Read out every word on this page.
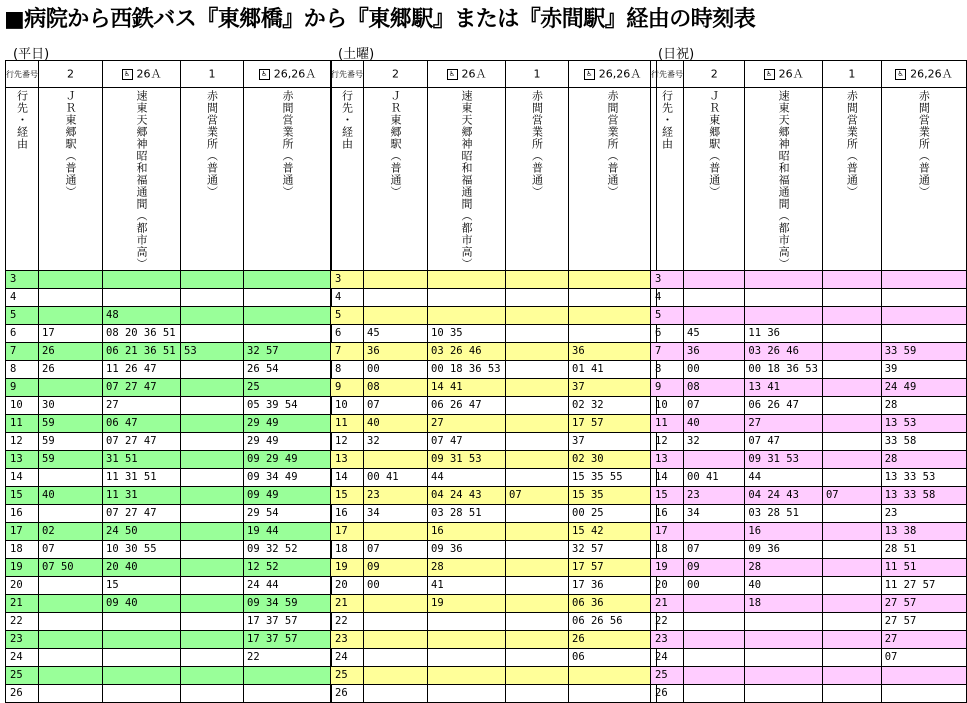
■病院から西鉄バス『東郷橋』から『東郷駅』または『赤間駅』経由の時刻表
(平日)
行先番号	2	♿ 26Ａ	1	♿ 26,26Ａ

行先・経由	ＪＲ東郷駅（普通）	速東天郷神昭和福通間（都市高）	赤間営業所（普通）	赤間営業所（普通）

3				
4				
5		48		
6	17	08 20 36 51		
7	26	06 21 36 51	53	32 57
8	26	11 26 47		26 54
9		07 27 47		25
10	30	27		05 39 54
11	59	06 47		29 49
12	59	07 27 47		29 49
13	59	31 51		09 29 49
14		11 31 51		09 34 49
15	40	11 31		09 49
16		07 27 47		29 54
17	02	24 50		19 44
18	07	10 30 55		09 32 52
19	07 50	20 40		12 52
20		15		24 44
21		09 40		09 34 59
22				17 37 57
23				17 37 57
24				22
25				
26				
(土曜)
行先番号	2	♿ 26Ａ	1	♿ 26,26Ａ

行先・経由	ＪＲ東郷駅（普通）	速東天郷神昭和福通間（都市高）	赤間営業所（普通）	赤間営業所（普通）

3				
4				
5				
6	45	10 35		
7	36	03 26 46		36
8	00	00 18 36 53		01 41
9	08	14 41		37
10	07	06 26 47		02 32
11	40	27		17 57
12	32	07 47		37
13		09 31 53		02 30
14	00 41	44		15 35 55
15	23	04 24 43	07	15 35
16	34	03 28 51		00 25
17		16		15 42
18	07	09 36		32 57
19	09	28		17 57
20	00	41		17 36
21		19		06 36
22				06 26 56
23				26
24				06
25				
26				
(日祝)
行先番号	2	♿ 26Ａ	1	♿ 26,26Ａ

行先・経由	ＪＲ東郷駅（普通）	速東天郷神昭和福通間（都市高）	赤間営業所（普通）	赤間営業所（普通）

3				
4				
5				
6	45	11 36		
7	36	03 26 46		33 59
8	00	00 18 36 53		39
9	08	13 41		24 49
10	07	06 26 47		28
11	40	27		13 53
12	32	07 47		33 58
13		09 31 53		28
14	00 41	44		13 33 53
15	23	04 24 43	07	13 33 58
16	34	03 28 51		23
17		16		13 38
18	07	09 36		28 51
19	09	28		11 51
20	00	40		11 27 57
21		18		27 57
22				27 57
23				27
24				07
25				
26				
